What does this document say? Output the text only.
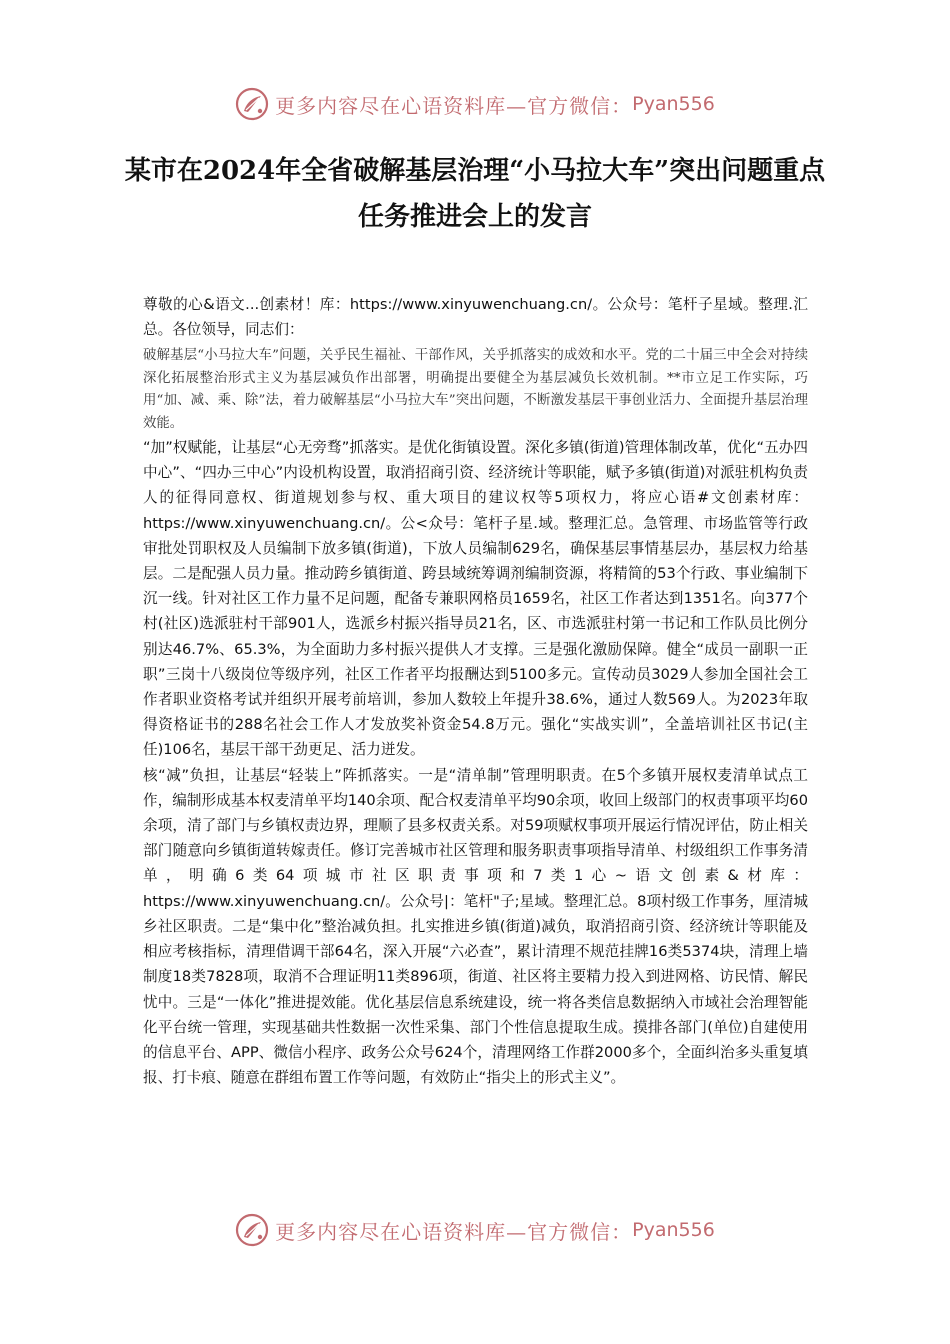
更多内容尽在心语资料库—官方微信： Pyan556
某市在2024年全省破解基层治理“小马拉大车”突出问题重点任务推进会上的发言

尊敬的心&语文...创素材！库：https://www.xinyuwenchuang.cn/。公众号：笔杆子星域。整理.汇总。各位领导，同志们：

破解基层“小马拉大车”问题，关乎民生福祉、干部作风，关乎抓落实的成效和水平。党的二十届三中全会对持续深化拓展整治形式主义为基层减负作出部署，明确提出要健全为基层减负长效机制。**市立足工作实际，巧用“加、减、乘、除”法，着力破解基层“小马拉大车”突出问题，不断激发基层干事创业活力、全面提升基层治理效能。

“加”权赋能，让基层“心无旁骛”抓落实。是优化街镇设置。深化多镇(街道)管理体制改革，优化“五办四中心”、“四办三中心”内设机构设置，取消招商引资、经济统计等职能，赋予多镇(街道)对派驻机构负责人的征得同意权、街道规划参与权、重大项目的建议权等5项权力，将应心语#文创素材库：https://www.xinyuwenchuang.cn/。公<众号：笔杆子星.域。整理汇总。急管理、市场监管等行政审批处罚职权及人员编制下放多镇(街道)，下放人员编制629名，确保基层事情基层办，基层权力给基层。二是配强人员力量。推动跨乡镇街道、跨县域统筹调剂编制资源，将精简的53个行政、事业编制下沉一线。针对社区工作力量不足问题，配备专兼职网格员1659名，社区工作者达到1351名。向377个村(社区)选派驻村干部901人，选派乡村振兴指导员21名，区、市选派驻村第一书记和工作队员比例分别达46.7%、65.3%，为全面助力多村振兴提供人才支撑。三是强化激励保障。健全“成员一副职一正职”三岗十八级岗位等级序列，社区工作者平均报酬达到5100多元。宣传动员3029人参加全国社会工作者职业资格考试并组织开展考前培训，参加人数较上年提升38.6%，通过人数569人。为2023年取得资格证书的288名社会工作人才发放奖补资金54.8万元。强化“实战实训”，全盖培训社区书记(主任)106名，基层干部干劲更足、活力迸发。

核“减”负担，让基层“轻装上”阵抓落实。一是“清单制”管理明职责。在5个多镇开展权麦清单试点工作，编制形成基本权麦清单平均140余项、配合权麦清单平均90余项，收回上级部门的权责事项平均60余项，清了部门与乡镇权责边界，理顺了县多权责关系。对59项赋权事项开展运行情况评估，防止相关部门随意向乡镇街道转嫁责任。修订完善城市社区管理和服务职责事项指导清单、村级组织工作事务清单，明确6类64项城市社区职责事项和7类1心~语文创素&材库：https://www.xinyuwenchuang.cn/。公众号|：笔杆"子;星域。整理汇总。8项村级工作事务，厘清城乡社区职责。二是“集中化”整治减负担。扎实推进乡镇(街道)减负，取消招商引资、经济统计等职能及相应考核指标，清理借调干部64名，深入开展“六必查”，累计清理不规范挂牌16类5374块，清理上墙制度18类7828项，取消不合理证明11类896项，街道、社区将主要精力投入到进网格、访民情、解民忧中。三是“一体化”推进提效能。优化基层信息系统建设，统一将各类信息数据纳入市域社会治理智能化平台统一管理，实现基础共性数据一次性采集、部门个性信息提取生成。摸排各部门(单位)自建使用的信息平台、APP、微信小程序、政务公众号624个，清理网络工作群2000多个，全面纠治多头重复填报、打卡痕、随意在群组布置工作等问题，有效防止“指尖上的形式主义”。

更多内容尽在心语资料库—官方微信： Pyan556
